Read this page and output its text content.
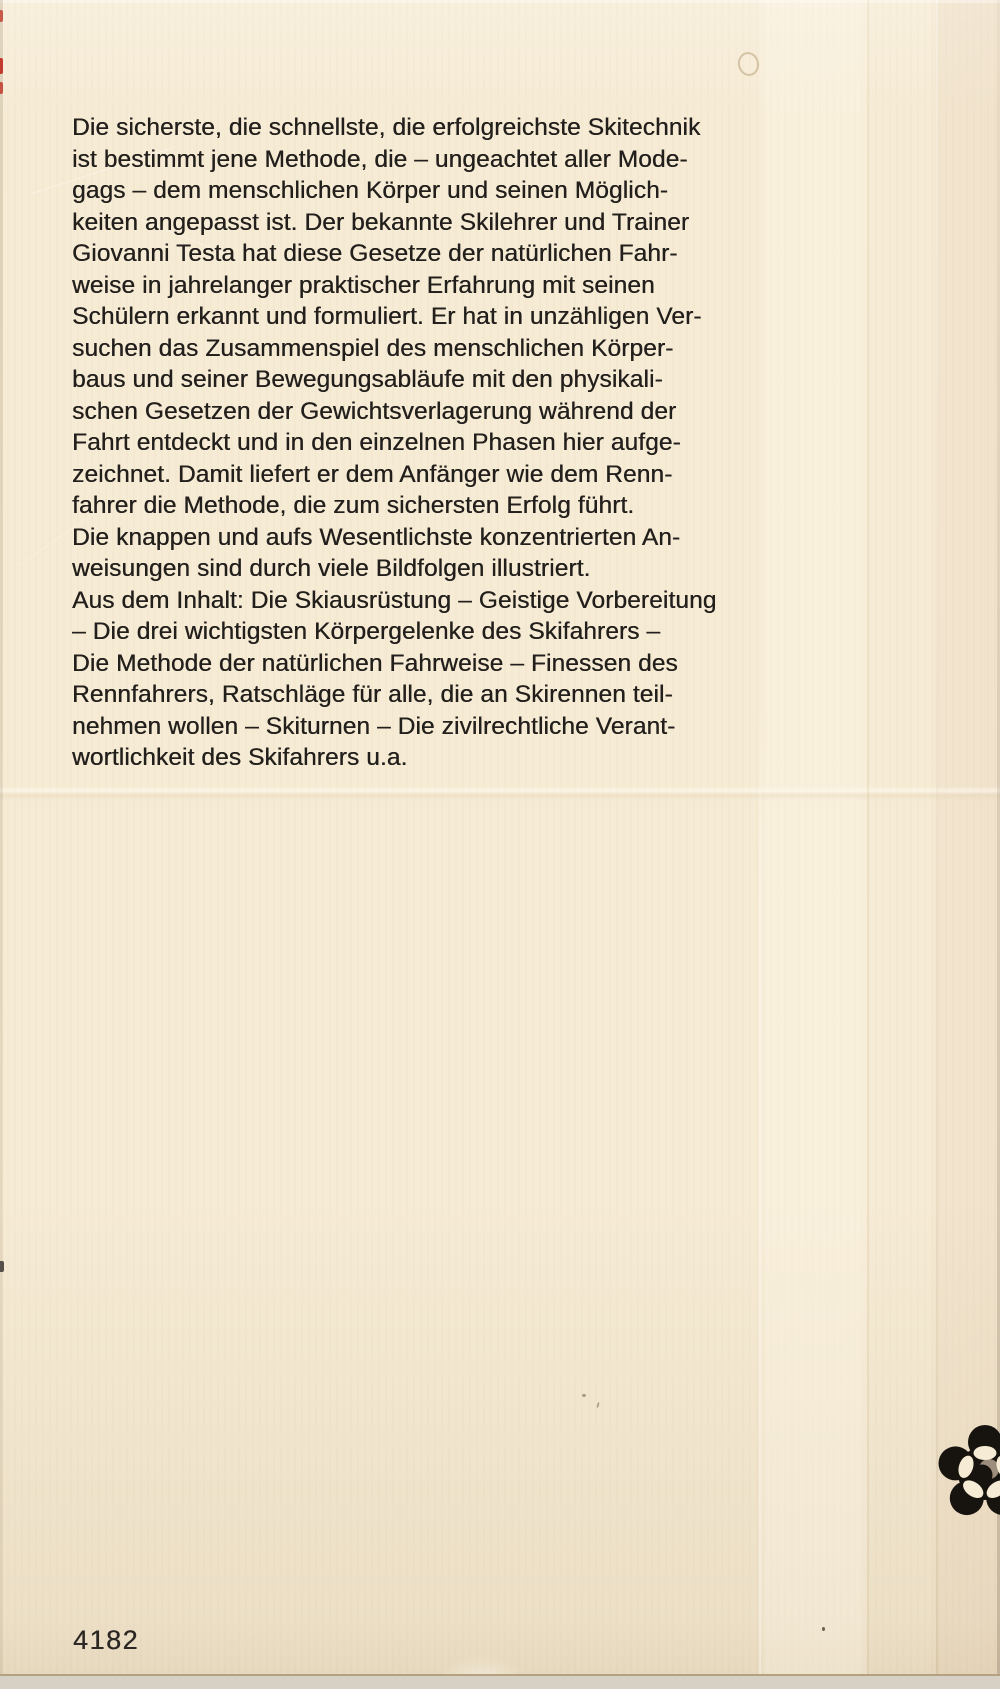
Die sicherste, die schnellste, die erfolgreichste Skitechnik
ist bestimmt jene Methode, die – ungeachtet aller Mode-
gags – dem menschlichen Körper und seinen Möglich-
keiten angepasst ist. Der bekannte Skilehrer und Trainer
Giovanni Testa hat diese Gesetze der natürlichen Fahr-
weise in jahrelanger praktischer Erfahrung mit seinen
Schülern erkannt und formuliert. Er hat in unzähligen Ver-
suchen das Zusammenspiel des menschlichen Körper-
baus und seiner Bewegungsabläufe mit den physikali-
schen Gesetzen der Gewichtsverlagerung während der
Fahrt entdeckt und in den einzelnen Phasen hier aufge-
zeichnet. Damit liefert er dem Anfänger wie dem Renn-
fahrer die Methode, die zum sichersten Erfolg führt.
Die knappen und aufs Wesentlichste konzentrierten An-
weisungen sind durch viele Bildfolgen illustriert.
Aus dem Inhalt: Die Skiausrüstung – Geistige Vorbereitung
– Die drei wichtigsten Körpergelenke des Skifahrers –
Die Methode der natürlichen Fahrweise – Finessen des
Rennfahrers, Ratschläge für alle, die an Skirennen teil-
nehmen wollen – Skiturnen – Die zivilrechtliche Verant-
wortlichkeit des Skifahrers u.a.
4182
